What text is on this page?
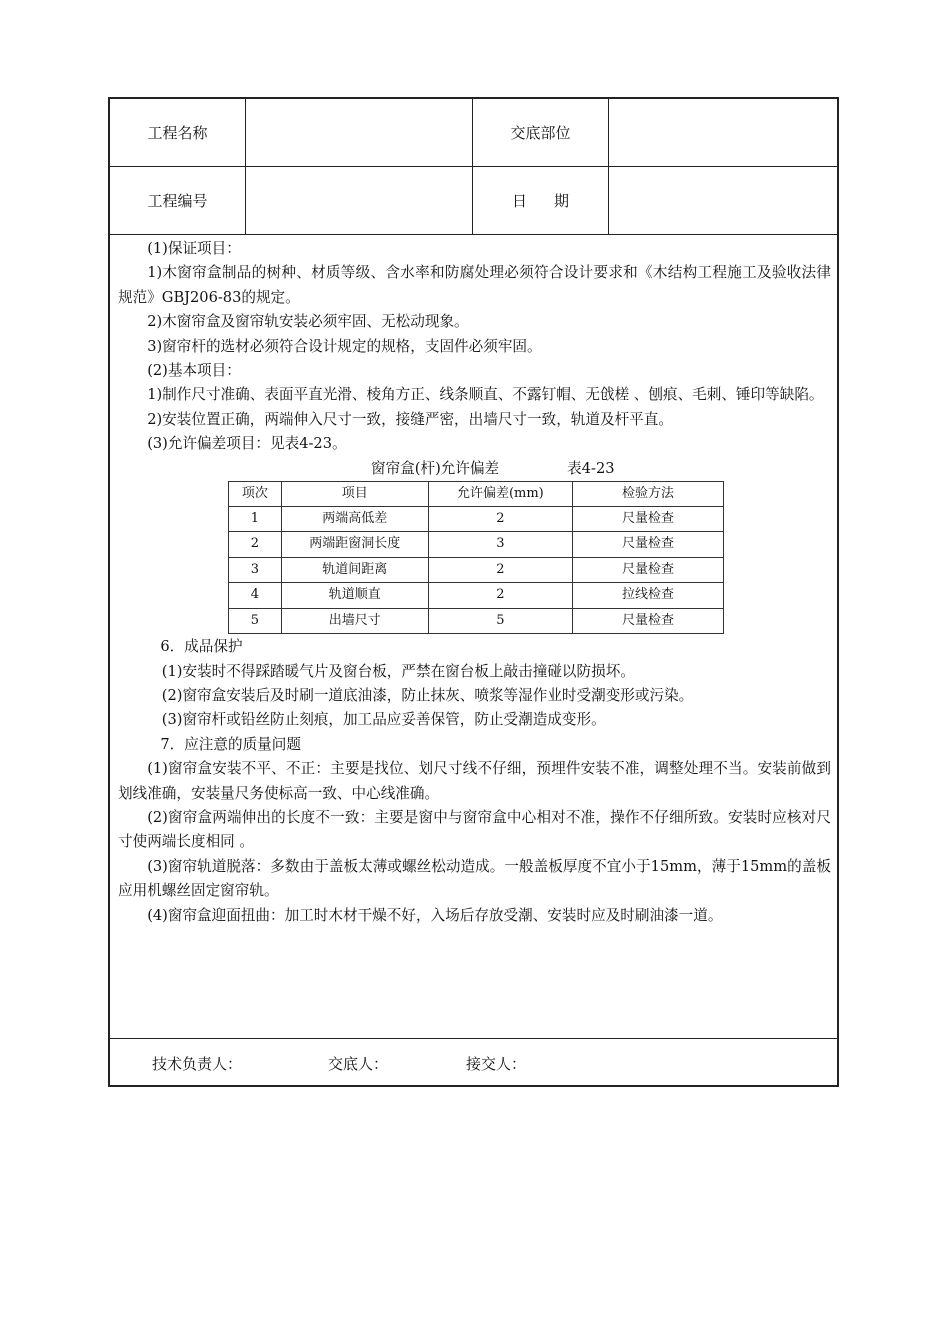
工程名称	交底部位
工程编号	日期

(1)保证项目：

1)木窗帘盒制品的树种、材质等级、含水率和防腐处理必须符合设计要求和《木结构工程施工及验收法律规范》GBJ206-83的规定。

2)木窗帘盒及窗帘轨安装必须牢固、无松动现象。

3)窗帘杆的选材必须符合设计规定的规格，支固件必须牢固。

(2)基本项目：

1)制作尺寸准确、表面平直光滑、棱角方正、线条顺直、不露钉帽、无戗槎 、刨痕、毛刺、锤印等缺陷。

2)安装位置正确，两端伸入尺寸一致，接缝严密，出墙尺寸一致，轨道及杆平直。

(3)允许偏差项目：见表4-23。

窗帘盒(杆)允许偏差	表4-23

项次	项目	允许偏差(mm)	检验方法
1	两端高低差	2	尺量检查
2	两端距窗洞长度	3	尺量检查
3	轨道间距离	2	尺量检查
4	轨道顺直	2	拉线检查
5	出墙尺寸	5	尺量检查

6．成品保护

(1)安装时不得踩踏暖气片及窗台板，严禁在窗台板上敲击撞碰以防损坏。

(2)窗帘盒安装后及时刷一道底油漆，防止抹灰、喷浆等湿作业时受潮变形或污染。

(3)窗帘杆或铅丝防止刻痕，加工品应妥善保管，防止受潮造成变形。

7．应注意的质量问题

(1)窗帘盒安装不平、不正：主要是找位、划尺寸线不仔细，预埋件安装不准，调整处理不当。安装前做到划线准确，安装量尺务使标高一致、中心线准确。

(2)窗帘盒两端伸出的长度不一致：主要是窗中与窗帘盒中心相对不准，操作不仔细所致。安装时应核对尺寸使两端长度相同 。

(3)窗帘轨道脱落：多数由于盖板太薄或螺丝松动造成。一般盖板厚度不宜小于15mm，薄于15mm的盖板应用机螺丝固定窗帘轨。

(4)窗帘盒迎面扭曲：加工时木材干燥不好，入场后存放受潮、安装时应及时刷油漆一道。

技术负责人：	交底人：	接交人：
